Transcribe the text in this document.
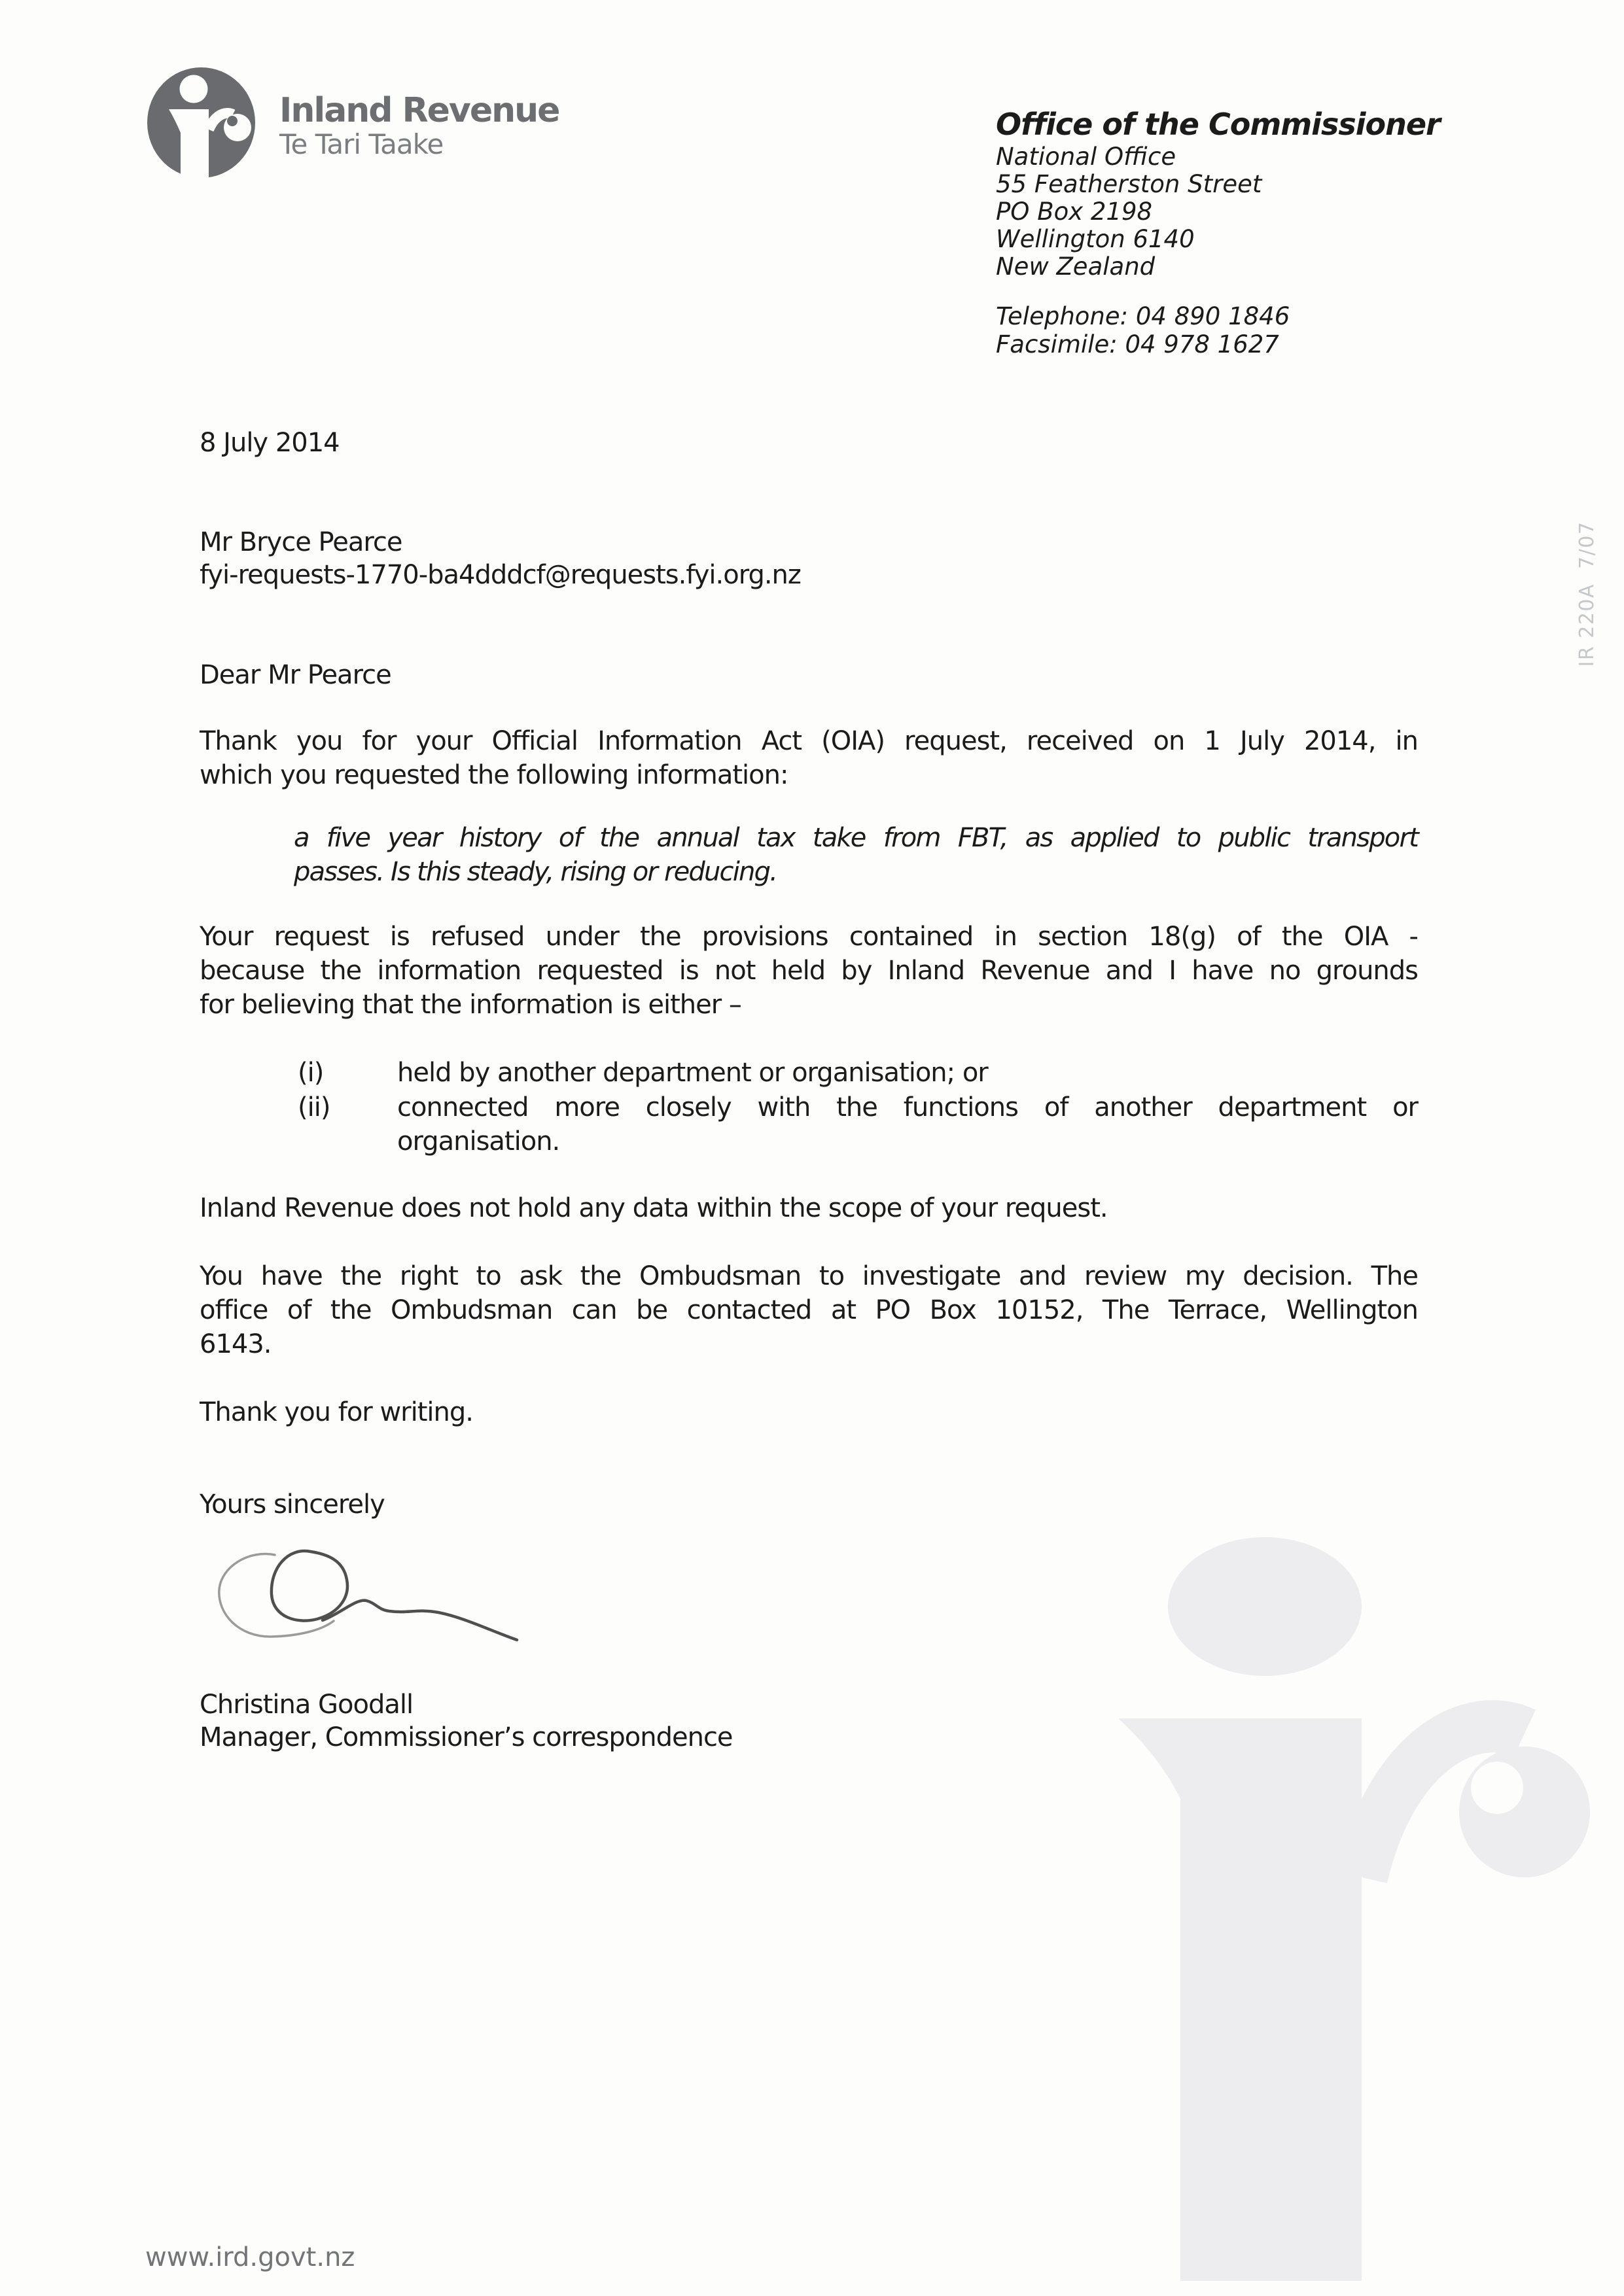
Inland Revenue
Te Tari Taake
Office of the Commissioner
National Office
55 Featherston Street
PO Box 2198
Wellington 6140
New Zealand
Telephone: 04 890 1846
Facsimile: 04 978 1627
IR 220A  7/07
8 July 2014
Mr Bryce Pearce
fyi-requests-1770-ba4dddcf@requests.fyi.org.nz
Dear Mr Pearce
Thank you for your Official Information Act (OIA) request, received on 1 July 2014, in
which you requested the following information:
a five year history of the annual tax take from FBT, as applied to public transport
passes. Is this steady, rising or reducing.
Your request is refused under the provisions contained in section 18(g) of the OIA -
because the information requested is not held by Inland Revenue and I have no grounds
for believing that the information is either –
(i)	held by another department or organisation; or
(ii)	connected more closely with the functions of another department or
organisation.
Inland Revenue does not hold any data within the scope of your request.
You have the right to ask the Ombudsman to investigate and review my decision. The
office of the Ombudsman can be contacted at PO Box 10152, The Terrace, Wellington
6143.
Thank you for writing.
Yours sincerely
Christina Goodall
Manager, Commissioner’s correspondence
www.ird.govt.nz
